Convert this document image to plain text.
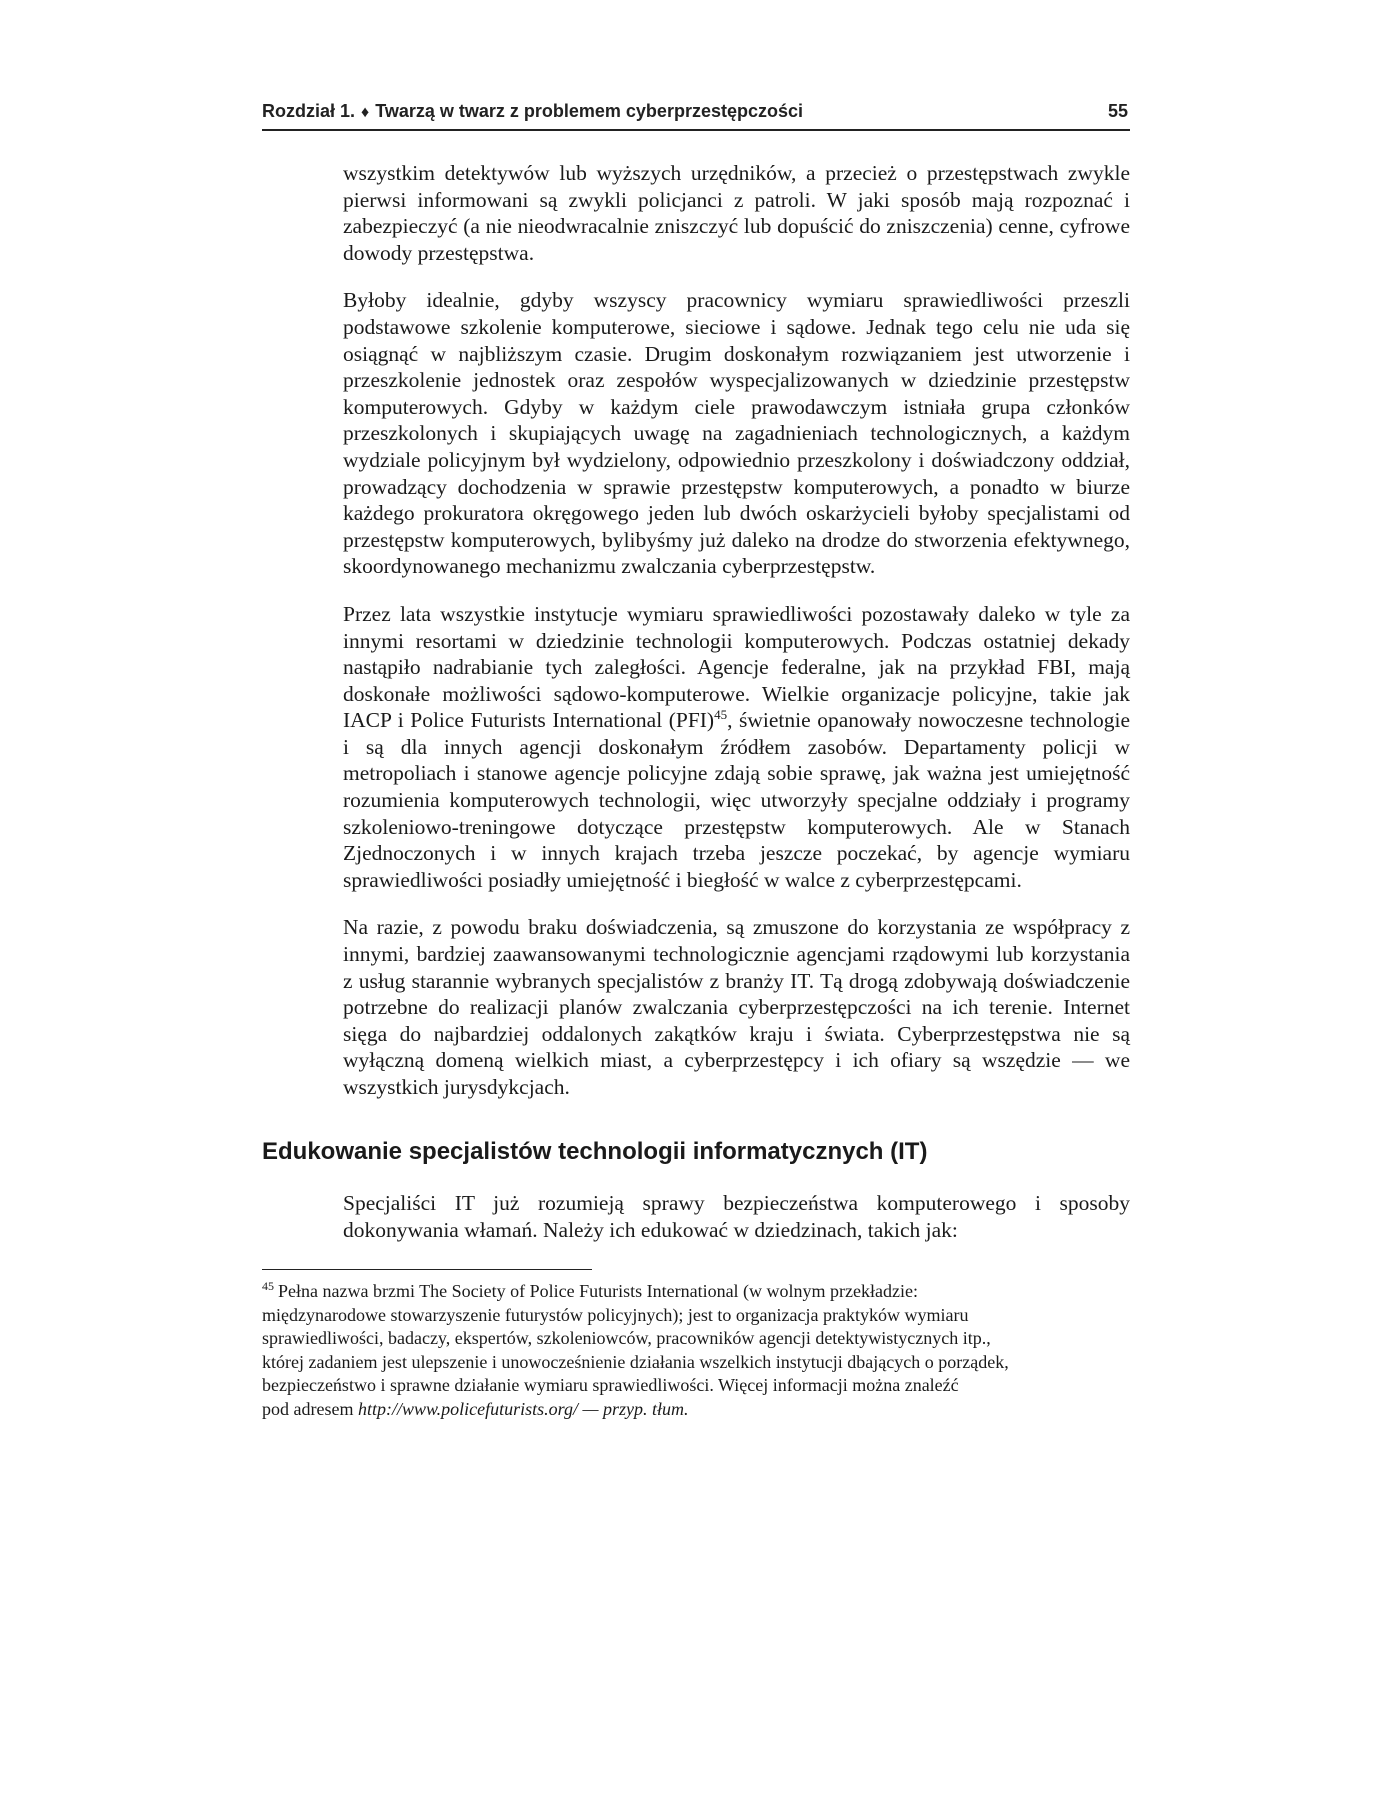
Rozdział 1. ♦ Twarzą w twarz z problemem cyberprzestępczości	55

wszystkim detektywów lub wyższych urzędników, a przecież o przestępstwach zwykle pierwsi informowani są zwykli policjanci z patroli. W jaki sposób mają rozpoznać i zabezpieczyć (a nie nieodwracalnie zniszczyć lub dopuścić do zniszczenia) cenne, cyfrowe dowody przestępstwa.

Byłoby idealnie, gdyby wszyscy pracownicy wymiaru sprawiedliwości przeszli podstawowe szkolenie komputerowe, sieciowe i sądowe. Jednak tego celu nie uda się osiągnąć w najbliższym czasie. Drugim doskonałym rozwiązaniem jest utworzenie i przeszkolenie jednostek oraz zespołów wyspecjalizowanych w dziedzinie przestępstw komputerowych. Gdyby w każdym ciele prawodawczym istniała grupa członków przeszkolonych i skupiających uwagę na zagadnieniach technologicznych, a każdym wydziale policyjnym był wydzielony, odpowiednio przeszkolony i doświadczony oddział, prowadzący dochodzenia w sprawie przestępstw komputerowych, a ponadto w biurze każdego prokuratora okręgowego jeden lub dwóch oskarżycieli byłoby specjalistami od przestępstw komputerowych, bylibyśmy już daleko na drodze do stworzenia efektywnego, skoordynowanego mechanizmu zwalczania cyberprzestępstw.

Przez lata wszystkie instytucje wymiaru sprawiedliwości pozostawały daleko w tyle za innymi resortami w dziedzinie technologii komputerowych. Podczas ostatniej dekady nastąpiło nadrabianie tych zaległości. Agencje federalne, jak na przykład FBI, mają doskonałe możliwości sądowo-komputerowe. Wielkie organizacje policyjne, takie jak IACP i Police Futurists International (PFI)$^{45}$, świetnie opanowały nowoczesne technologie i są dla innych agencji doskonałym źródłem zasobów. Departamenty policji w metropoliach i stanowe agencje policyjne zdają sobie sprawę, jak ważna jest umiejętność rozumienia komputerowych technologii, więc utworzyły specjalne oddziały i programy szkoleniowo-treningowe dotyczące przestępstw komputerowych. Ale w Stanach Zjednoczonych i w innych krajach trzeba jeszcze poczekać, by agencje wymiaru sprawiedliwości posiadły umiejętność i biegłość w walce z cyberprzestępcami.

Na razie, z powodu braku doświadczenia, są zmuszone do korzystania ze współpracy z innymi, bardziej zaawansowanymi technologicznie agencjami rządowymi lub korzystania z usług starannie wybranych specjalistów z branży IT. Tą drogą zdobywają doświadczenie potrzebne do realizacji planów zwalczania cyberprzestępczości na ich terenie. Internet sięga do najbardziej oddalonych zakątków kraju i świata. Cyberprzestępstwa nie są wyłączną domeną wielkich miast, a cyberprzestępcy i ich ofiary są wszędzie — we wszystkich jurysdykcjach.

Edukowanie specjalistów technologii informatycznych (IT)

Specjaliści IT już rozumieją sprawy bezpieczeństwa komputerowego i sposoby dokonywania włamań. Należy ich edukować w dziedzinach, takich jak:

$^{45}$ Pełna nazwa brzmi The Society of Police Futurists International (w wolnym przekładzie:
międzynarodowe stowarzyszenie futurystów policyjnych); jest to organizacja praktyków wymiaru
sprawiedliwości, badaczy, ekspertów, szkoleniowców, pracowników agencji detektywistycznych itp.,
której zadaniem jest ulepszenie i unowocześnienie działania wszelkich instytucji dbających o porządek,
bezpieczeństwo i sprawne działanie wymiaru sprawiedliwości. Więcej informacji można znaleźć
pod adresem http://www.policefuturists.org/ — przyp. tłum.
